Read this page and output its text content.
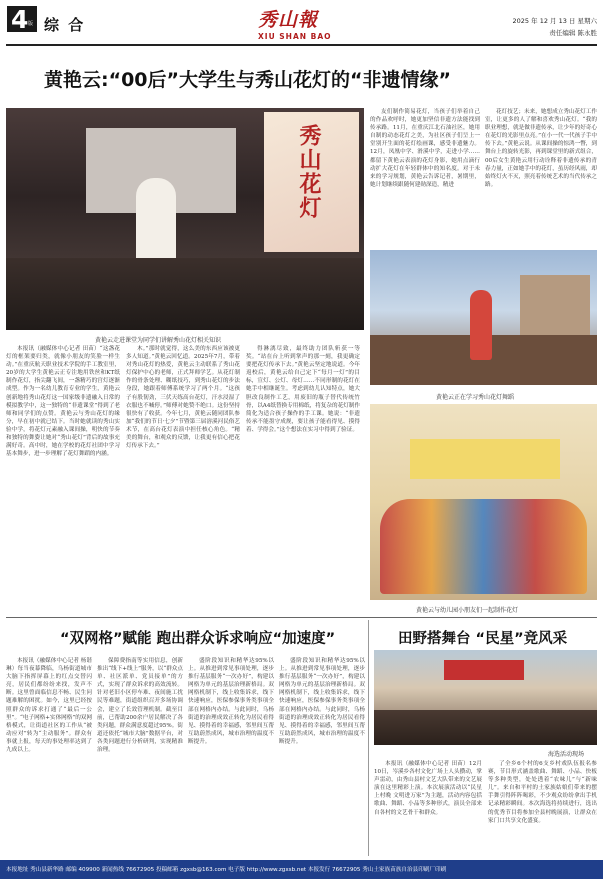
4 版 综 合	秀山報
XIU SHAN BAO
2025 年 12 月 13 日 星期六
责任编辑 陈永胜
黄艳云:“00后”大学生与秀山花灯的“非遗情缘”
秀山花灯
黄艳云走进课堂为同学们讲解秀山花灯相关知识

本报讯（融媒体中心记者 田苗）“这盏花灯的框架要归类，就像小朋友的笑脸一样生动。”在重庆航天职业技术学院的手工教室里，20岁的大学生黄艳云正专注地用铁丝和KT纸制作花灯，指尖翻飞间，一盏精巧的宫灯逐渐成型。作为一名幼儿教育专业的学生，黄艳云创新地将秀山花灯这一国家级非遗融入日常的模拟教学中，这一独特的“非遗课堂”得到了老师和同学们的点赞。黄艳云与秀山花灯的缘分，早在初中就已结下。当时她就读的秀山实验中学，将花灯元素融入课间操，明快的节奏和独特的舞姿让她对“秀山花灯”背后的故事充满好奇。高中时，她在学校的花灯社团中学习基本舞步，进一步理解了花灯舞蹈的内涵。

木。”那时就觉得，这么美的东西应该被更多人知道。”黄艳云回忆道。2025年7月，带着对秀山花灯的热爱，黄艳云主动联系了秀山花灯保护中心的老师，正式拜师学艺。从花灯制作的骨条处理、糊纸技巧，到秀山花灯的步法身段，她跟着师傅系统学习了两个月。“这孩子有股韧劲，三伏天练高台花灯，汗水浸湿了衣服也不喊停。”师傅对她赞不绝口。这份坚持很快有了收获。今年七月，黄艳云随同团队参加“我们的节日·七夕”节暨第三届溶溪河民俗艺术节，在高台花灯表演中担任核心角色。“精美的舞台，和观众的反馈，让我更有信心把花灯传承下去。”

得淋漓尽致，最终助力团队斩获一等奖。“站在台上听到掌声的那一刻，我更确定要把花灯传承下去。”黄艳云坚定地说道。今年返校后，黄艳云给自己定下“每月一灯”的目标，宣灯、公灯、母灯……不同形制的花灯在她手中相继诞生。考虑到幼儿认知特点，她大胆改良制作工艺，用废旧的瓶子替代传统竹骨，以A4纸替换专用棉纸，将复杂的花灯制作简化为适合孩子操作的手工课。她说：“非遗传承不能墨守成规，要让孩子能看得见、摸得着、学得会。”这个想法在实习中得到了验证。

友们制作简易花灯，当孩子们举着自己的作品欢呼时，她更加坚信非遗方法能找到传承路。11月，在重庆江北石油社区，她用自制的动态花灯之美，为社区孩子们呈上一堂别开生面的花灯绘画课，感受非遗魅力。12月，凤凰中学、滑溪中学，走进小学……都留下黄艳云表演的花灯身影，她用点滴行动扩大花灯在年轻群体中的知名度。对于未来的学习规划，黄艳云告诉记者，暑期里，她计划继续跟随何建勋深造，精进

花灯技艺；未来，她想成立秀山花灯工作室，让更多的人了解和喜欢秀山花灯。“我的职业理想，就是做非遗传承，让少年的好奇心在花灯的光影里点亮。”在小一代一代孩子手中传下去。”黄艳云说。从课间操的惊鸿一瞥，到舞台上的旋转光影，再到课堂里的新式组合，00后女生黄艳云用行动诠释着非遗传承的青春力量，正如她手中的花灯，虽历经风雨，却始终灯火不灭，照亮着传统艺术的当代传承之路。

黄艳云正在学习秀山花灯舞蹈
黄艳云与幼儿园小朋友们一起制作花灯
“双网格”赋能 跑出群众诉求响应“加速度”

本报讯（融媒体中心记者 杨谐琳）每当夜幕降临，乌杨街道城市大脑下指挥屏幕上的红点交替闪亮，居民们都纷纷来找，发声不断。这里曾面临信息不畅、民生问题难解的困扰。如今，这里已经按照群众的诉求打通了“最后一公里”。“电子网格+实体网格”的双网格模式，让街道社区的工作从“被动应对”转为“主动服务”。群众有事就上报，每天的事处理率达到了九成以上。

保障费指南等实用信息，创新推出“线下+线上”服务，以“群众点单、社区派单、党员接单”的方式，实现了群众诉求的高效流转。针对老旧小区停车难、夜间施工扰民等难题，街道组织召开多场协调会，建立了长效管理机制。截至目前，已帮助200余户居民解决了各类问题，群众满意度超过95%。街道还依托“城市大脑”数据平台，对各类问题进行分析研判，实现精准治理。

盛阶段知识和精华达95%以上。从推进到常见事项处理，逐步推行基层服务“一次办好”，构建以网格为单元的基层治理新格局。双网格机制下，线上收集诉求，线下快速响应，医保参保事务类事项全部在网格内办结。与此同时，乌杨街道的治理成效正转化为居民看得见、摸得着的幸福感，邻里间互帮互助蔚然成风，城市治理的温度不断提升。

盛阶段知识和精华达95%以上。从推进到常见事项处理，逐步推行基层服务“一次办好”，构建以网格为单元的基层治理新格局。双网格机制下，线上收集诉求，线下快速响应，医保参保事务类事项全部在网格内办结。与此同时，乌杨街道的治理成效正转化为居民看得见、摸得着的幸福感，邻里间互帮互助蔚然成风，城市治理的温度不断提升。

田野搭舞台 “民星”竞风采
海选活动现场

本报讯（融媒体中心记者 田苗）12月10日，岑溪乡各村文化广场上人头攒动，掌声雷动，由秀山县村文艺大队带来的文艺展演在这里精彩上演。本次展演活动以“民星上村晚 文明进万家”为主题，活动内容包括歌曲、舞蹈、小品等多种形式，演员全部来自各村的文艺骨干和群众。

了全乡6个村的6支乡村戏队伍报名参赛，节目形式涵盖歌曲、舞蹈、小品、快板等多种类型，处处透着“农味儿”与“新味儿”。来自和平村的土家族姑娘们带来的摆手舞引得阵阵喝彩，不少观众纷纷拿出手机记录精彩瞬间。本次海选将持续进行，选出的优秀节目将参加全县村晚展演，让群众在家门口共享文化盛宴。

本报地址 秀山县新华路 邮编 409900 新闻热线 76672905 投稿邮箱 zgxsb@163.com 电子版 http://www.zgxsb.net 本报发行 76672905 秀山土家族苗族自治县印刷厂印刷
